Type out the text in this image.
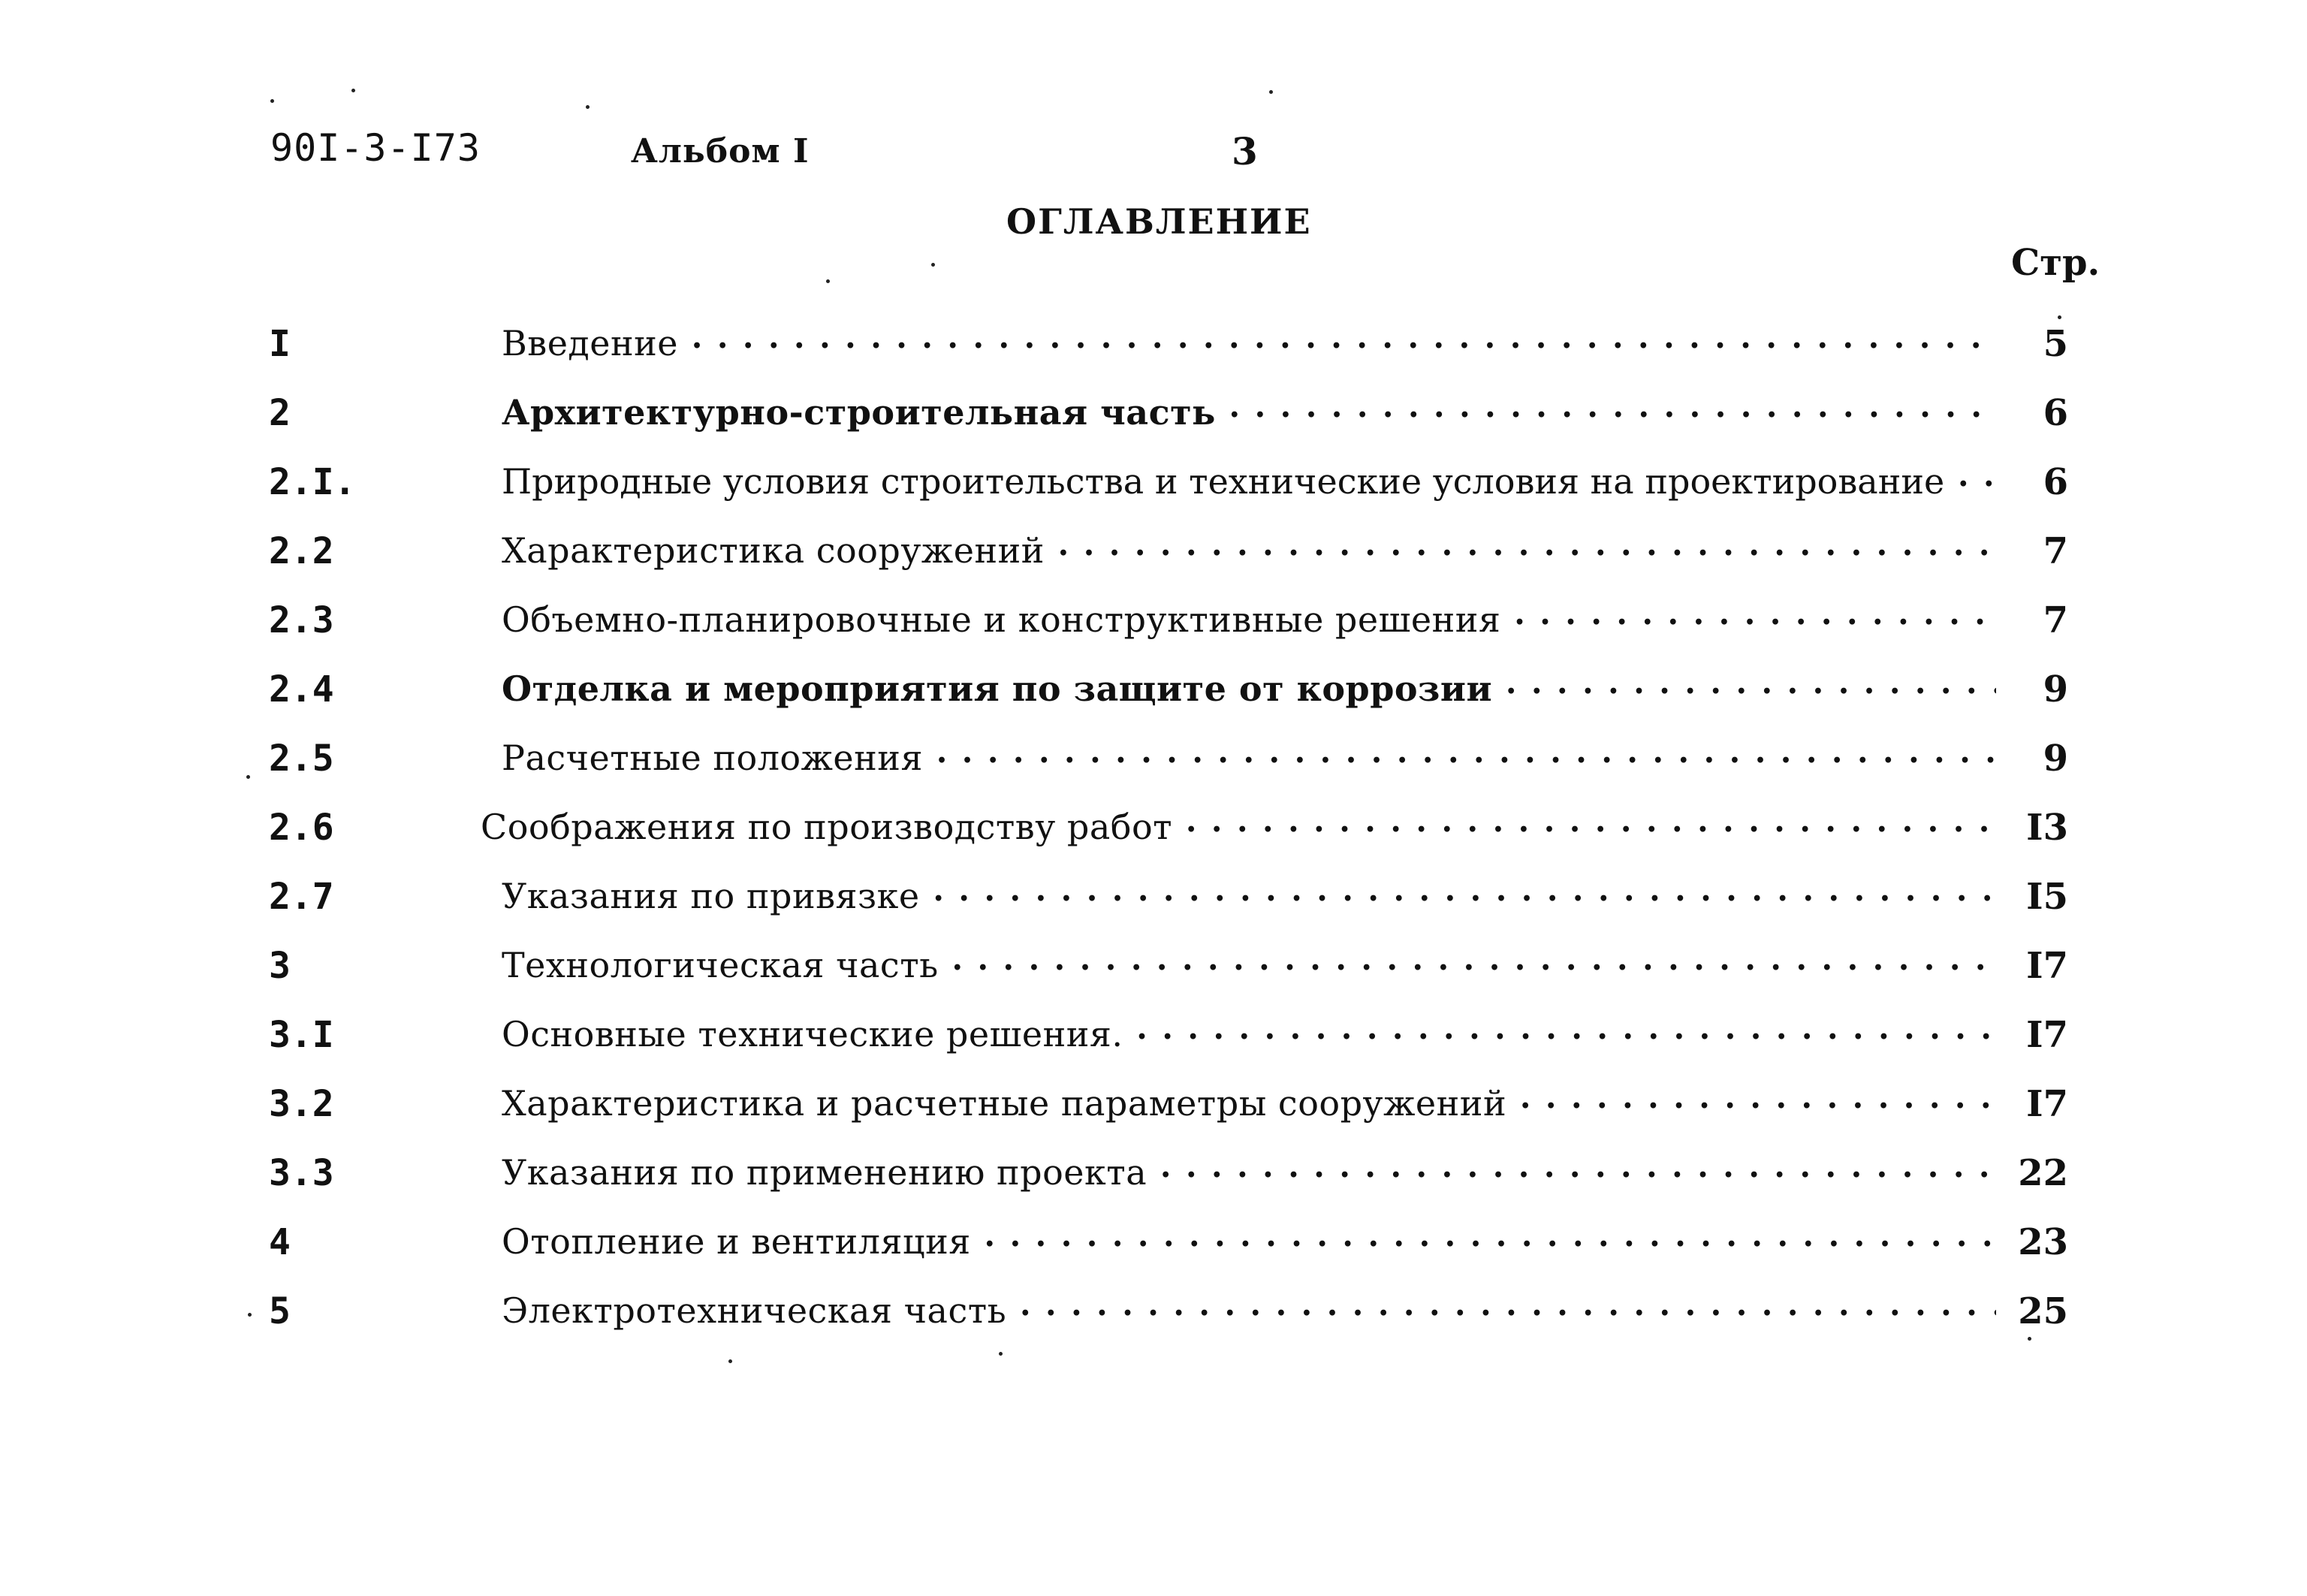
90I-3-I73	Альбом I	3
ОГЛАВЛЕНИЕ
Стр.
I	Введение •••••	5
2	Архитектурно-строительная часть •••••	6
2.I.	Природные условия строительства и технические условия на проектирование •••••	6
2.2	Характеристика сооружений •••••	7
2.3	Объемно-планировочные и конструктивные решения •••••	7
2.4	Отделка и мероприятия по защите от коррозии •••••	9
2.5	Расчетные положения •••••	9
2.6	Соображения по производству работ •••••	I3
2.7	Указания по привязке •••••	I5
3	Технологическая часть •••••	I7
3.I	Основные технические решения. •••••	I7
3.2	Характеристика и расчетные параметры сооружений •••••	I7
3.3	Указания по применению проекта •••••	22
4	Отопление и вентиляция •••••	23
5	Электротехническая часть •••••	25
